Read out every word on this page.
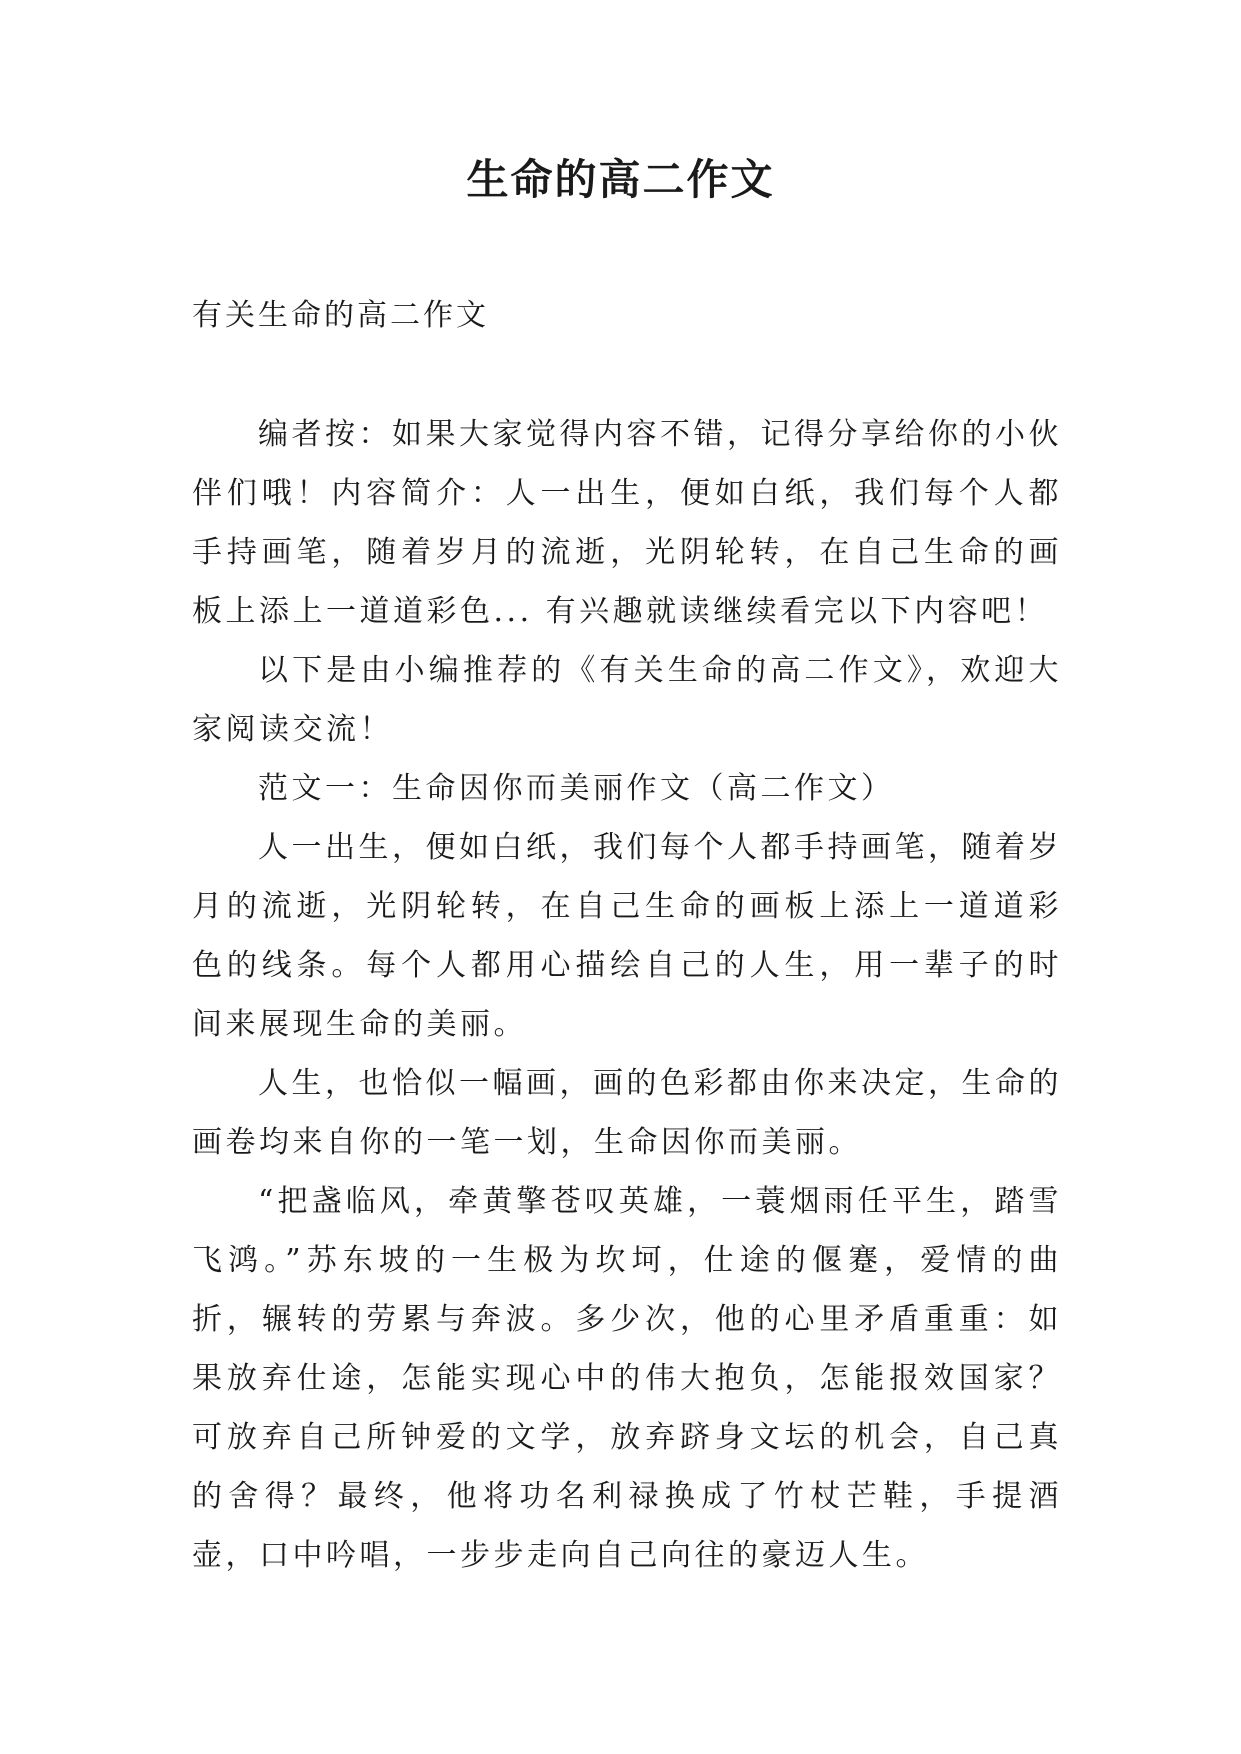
生命的高二作文

有关生命的高二作文

编者按：如果大家觉得内容不错，记得分享给你的小伙伴们哦！内容简介：人一出生，便如白纸，我们每个人都手持画笔，随着岁月的流逝，光阴轮转，在自己生命的画板上添上一道道彩色... 有兴趣就读继续看完以下内容吧！

以下是由小编推荐的《有关生命的高二作文》，欢迎大家阅读交流！

范文一：生命因你而美丽作文（高二作文）

人一出生，便如白纸，我们每个人都手持画笔，随着岁月的流逝，光阴轮转，在自己生命的画板上添上一道道彩色的线条。每个人都用心描绘自己的人生，用一辈子的时间来展现生命的美丽。

人生，也恰似一幅画，画的色彩都由你来决定，生命的画卷均来自你的一笔一划，生命因你而美丽。

“把盏临风，牵黄擎苍叹英雄，一蓑烟雨任平生，踏雪飞鸿。”苏东坡的一生极为坎坷，仕途的偃蹇，爱情的曲折，辗转的劳累与奔波。多少次，他的心里矛盾重重：如果放弃仕途，怎能实现心中的伟大抱负，怎能报效国家？可放弃自己所钟爱的文学，放弃跻身文坛的机会，自己真的舍得？最终，他将功名利禄换成了竹杖芒鞋，手提酒壶，口中吟唱，一步步走向自己向往的豪迈人生。
